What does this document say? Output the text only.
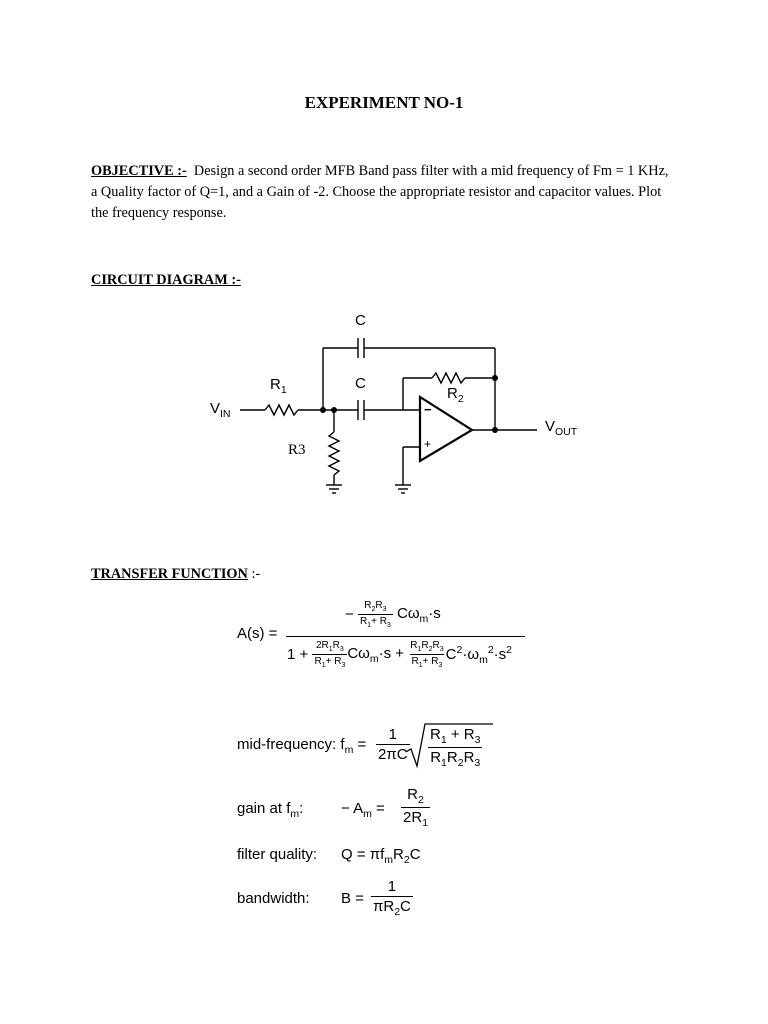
EXPERIMENT NO-1
OBJECTIVE :- Design a second order MFB Band pass filter with a mid frequency of Fm = 1 KHz, a Quality factor of Q=1, and a Gain of -2. Choose the appropriate resistor and capacitor values. Plot the frequency response.
CIRCUIT DIAGRAM :-
C
C
$R_1$	$R_2$
R3
$V_{IN}$
$V_{OUT}$
−
+
TRANSFER FUNCTION :-
A(s) =
− $\frac{R_2R_3}{R_1+ R_3} C\omega_m\cdot s$
$1 + \frac{2R_1R_3}{R_1+ R_3} C\omega_m\cdot s + \frac{R_1R_2R_3}{R_1+ R_3} C^2\cdot\omega_m^2\cdot s^2$
mid-frequency: $f_m = \frac{1}{2\pi C} \frac{R_1 + R_3}{R_1R_2R_3}$
gain at $f_m$:	− $A_m = \frac{R_2}{2R_1}$
filter quality: $Q = \pi f_mR_2C$
bandwidth: $B = \frac{1}{\pi R_2C}$
